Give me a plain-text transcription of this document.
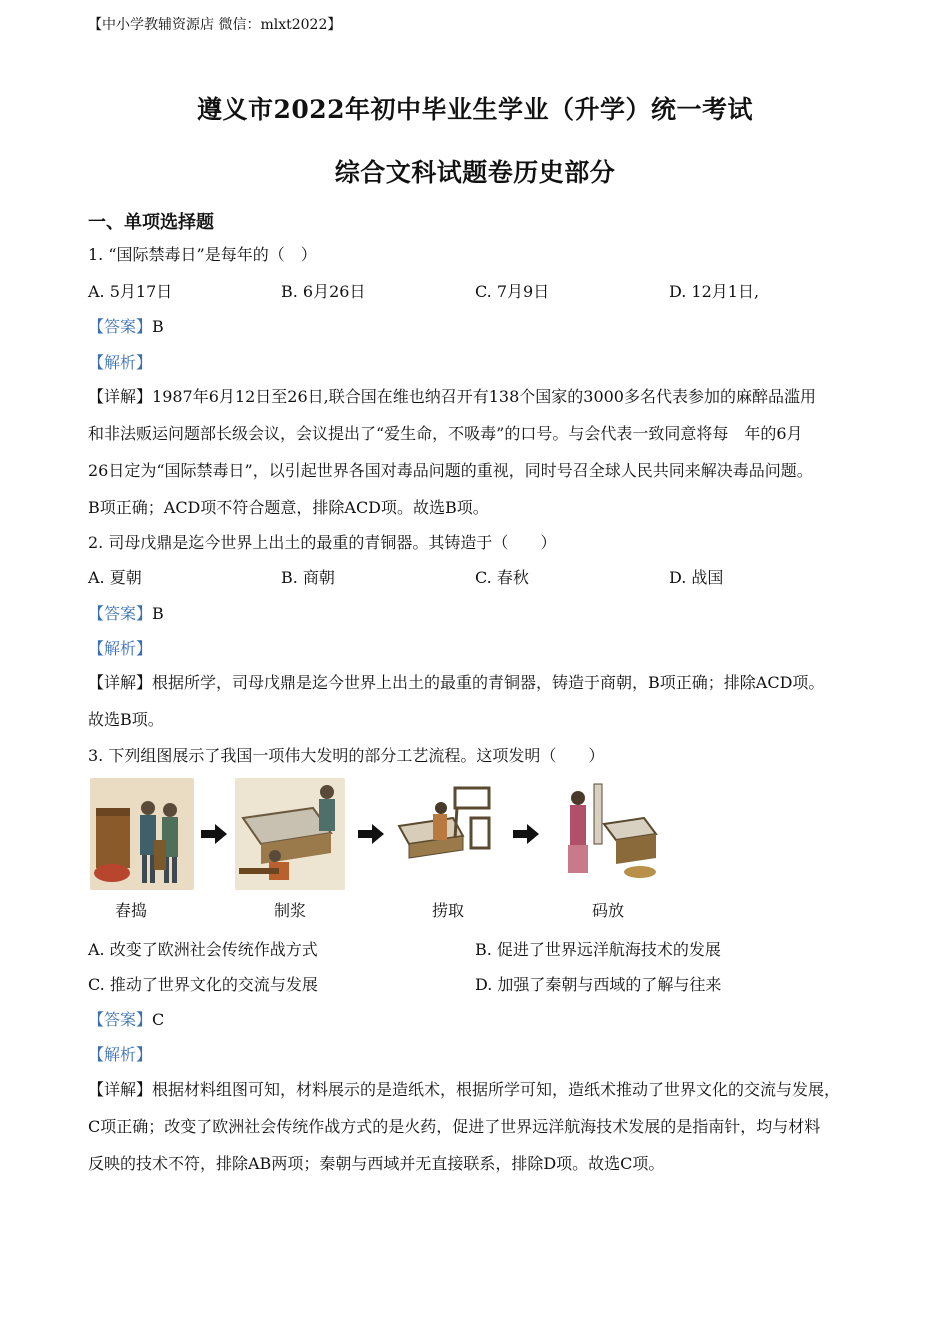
【中小学教辅资源店 微信：mlxt2022】
遵义市2022年初中毕业生学业（升学）统一考试
综合文科试题卷历史部分
一、单项选择题
1. “国际禁毒日”是每年的（　）
A. 5月17日	B. 6月26日	C. 7月9日	D. 12月1日,
【答案】B
【解析】
【详解】1987年6月12日至26日,联合国在维也纳召开有138个国家的3000多名代表参加的麻醉品滥用
和非法贩运问题部长级会议，会议提出了“爱生命，不吸毒”的口号。与会代表一致同意将每　年的6月
26日定为“国际禁毒日”，以引起世界各国对毒品问题的重视，同时号召全球人民共同来解决毒品问题。
B项正确；ACD项不符合题意，排除ACD项。故选B项。
2. 司母戊鼎是迄今世界上出土的最重的青铜器。其铸造于（　　）
A. 夏朝	B. 商朝	C. 春秋	D. 战国
【答案】B
【解析】
【详解】根据所学，司母戊鼎是迄今世界上出土的最重的青铜器，铸造于商朝，B项正确；排除ACD项。
故选B项。
3. 下列组图展示了我国一项伟大发明的部分工艺流程。这项发明（　　）
舂捣	制浆	捞取	码放
A. 改变了欧洲社会传统作战方式	B. 促进了世界远洋航海技术的发展
C. 推动了世界文化的交流与发展	D. 加强了秦朝与西域的了解与往来
【答案】C
【解析】
【详解】根据材料组图可知，材料展示的是造纸术，根据所学可知，造纸术推动了世界文化的交流与发展，
C项正确；改变了欧洲社会传统作战方式的是火药，促进了世界远洋航海技术发展的是指南针，均与材料
反映的技术不符，排除AB两项；秦朝与西域并无直接联系，排除D项。故选C项。
